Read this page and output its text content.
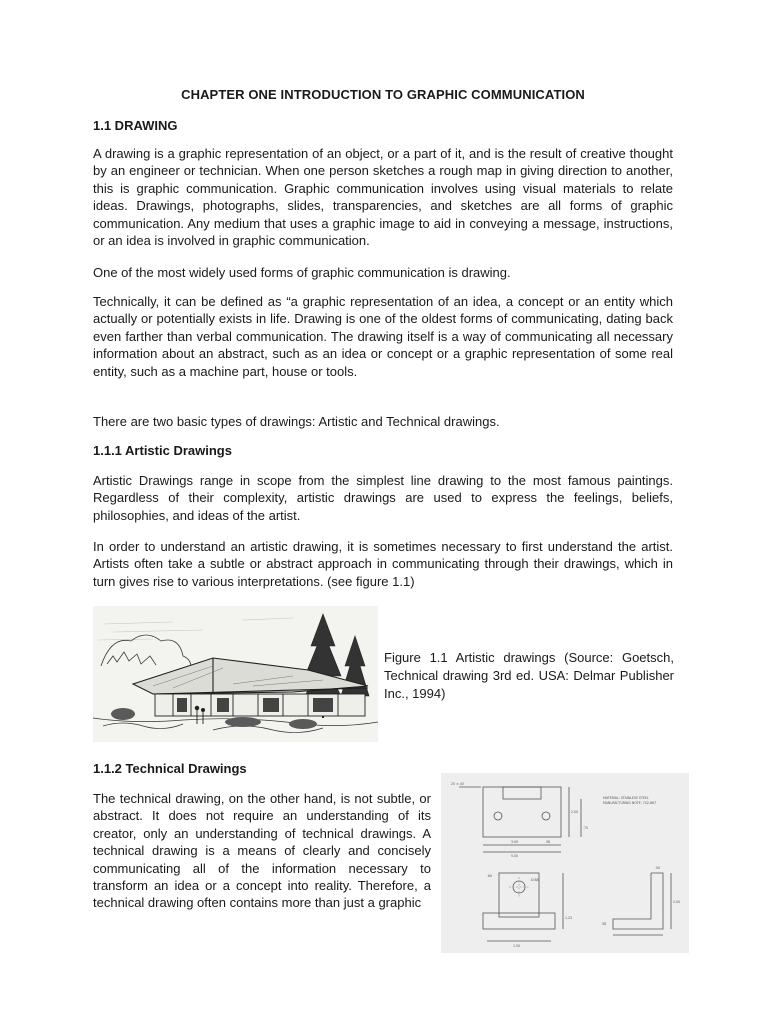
CHAPTER ONE INTRODUCTION TO GRAPHIC COMMUNICATION
1.1 DRAWING

A drawing is a graphic representation of an object, or a part of it, and is the result of creative thought by an engineer or technician. When one person sketches a rough map in giving direction to another, this is graphic communication. Graphic communication involves using visual materials to relate ideas. Drawings, photographs, slides, transparencies, and sketches are all forms of graphic communication. Any medium that uses a graphic image to aid in conveying a message, instructions, or an idea is involved in graphic communication.

One of the most widely used forms of graphic communication is drawing.

Technically, it can be defined as “a graphic representation of an idea, a concept or an entity which actually or potentially exists in life. Drawing is one of the oldest forms of communicating, dating back even farther than verbal communication. The drawing itself is a way of communicating all necessary information about an abstract, such as an idea or concept or a graphic representation of some real entity, such as a machine part, house or tools.

There are two basic types of drawings: Artistic and Technical drawings.

1.1.1 Artistic Drawings

Artistic Drawings range in scope from the simplest line drawing to the most famous paintings. Regardless of their complexity, artistic drawings are used to express the feelings, beliefs, philosophies, and ideas of the artist.

In order to understand an artistic drawing, it is sometimes necessary to first understand the artist. Artists often take a subtle or abstract approach in communicating through their drawings, which in turn gives rise to various interpretations. (see figure 1.1)

Figure 1.1 Artistic drawings (Source: Goetsch, Technical drawing 3rd ed. USA: Delmar Publisher Inc., 1994)

1.1.2 Technical Drawings

The technical drawing, on the other hand, is not subtle, or abstract. It does not require an understanding of its creator, only an understanding of technical drawings. A technical drawing is a means of clearly and concisely communicating all of the information necessary to transform an idea or a concept into reality. Therefore, a technical drawing often contains more than just a graphic

25 × 40
2.00
.75
3.00	.38
5.00
MATERIAL: STAINLESS STEEL
MANUFACTURING NOTE: 742-887
.60
Ø.88
1.25
1.50
.50
2.00
.38
